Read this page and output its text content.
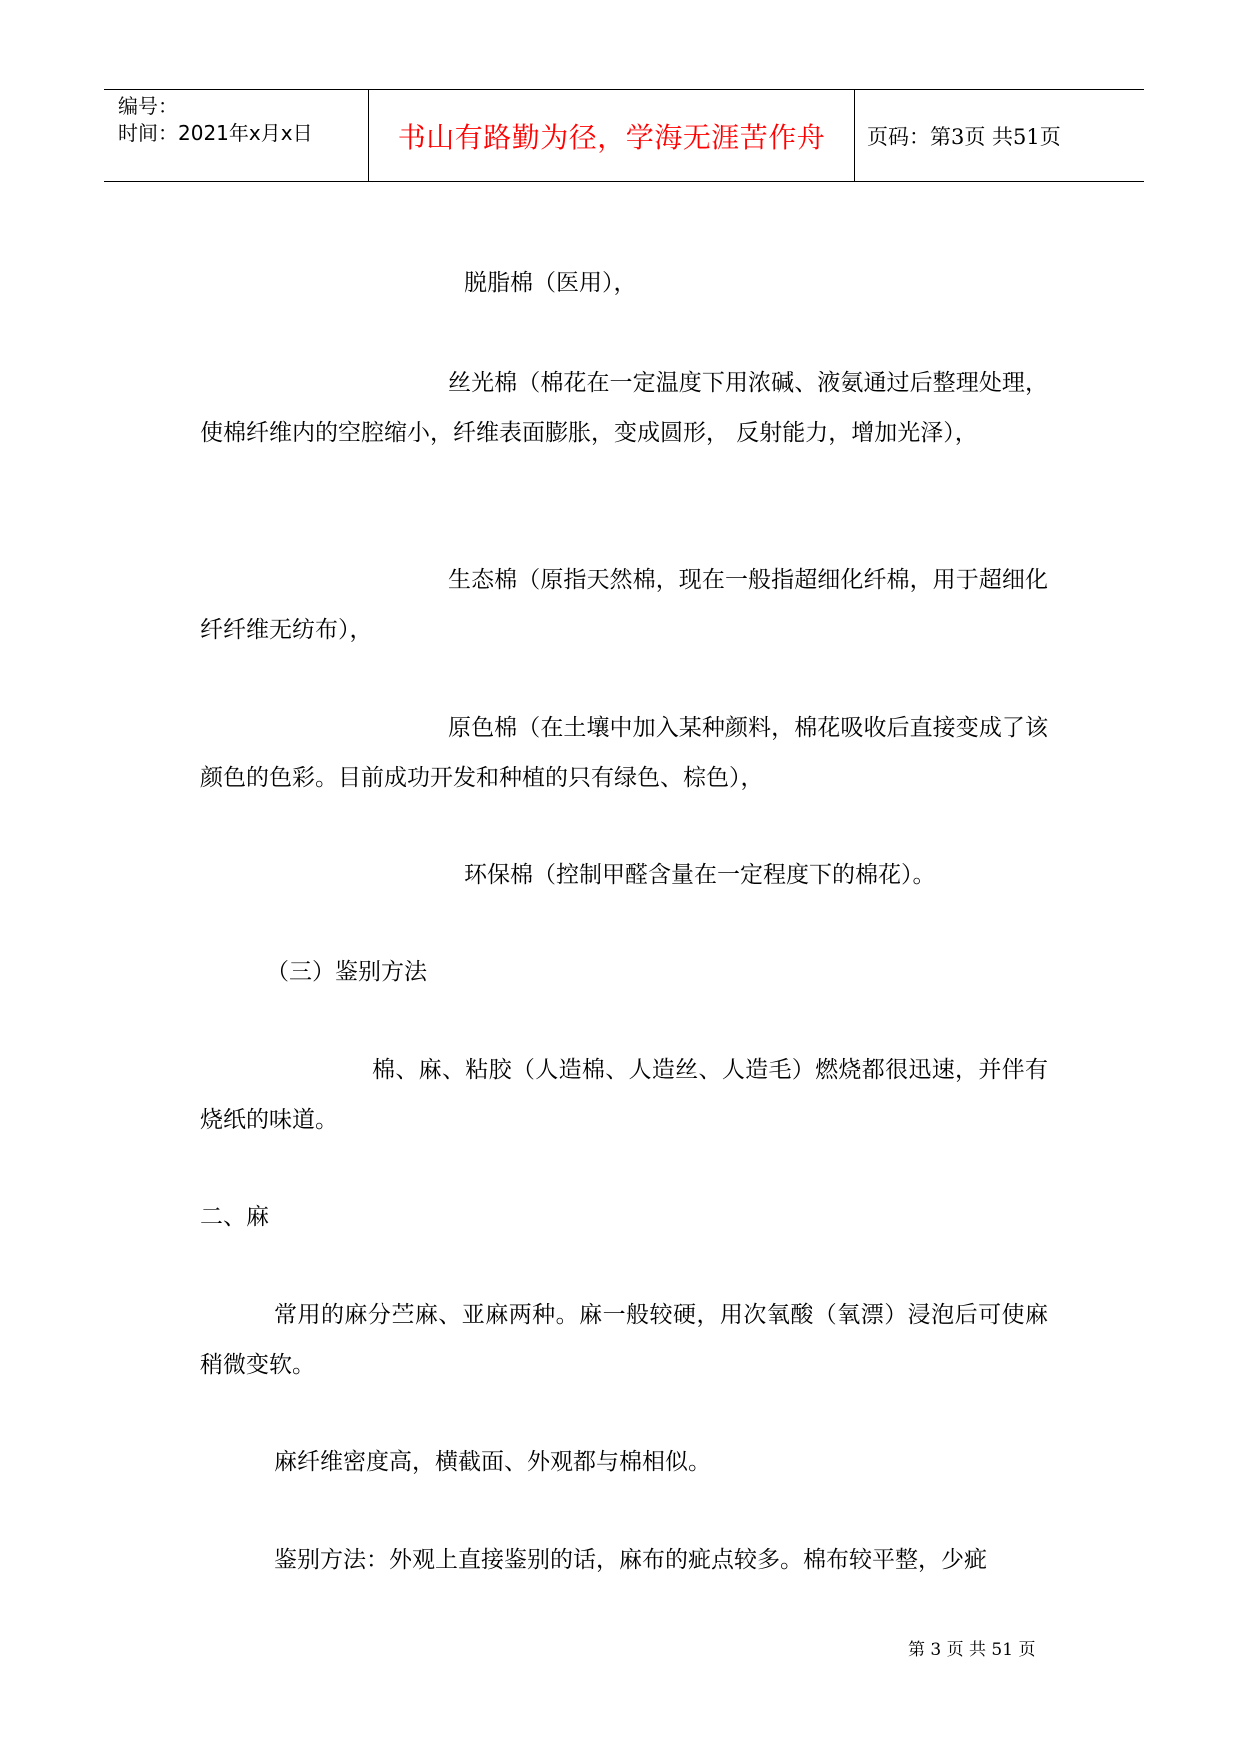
编号：
时间：2021年x月x日	书山有路勤为径，学海无涯苦作舟 页码：第3页 共51页

脱脂棉（医用），

丝光棉（棉花在一定温度下用浓碱、液氨通过后整理处理，使棉纤维内的空腔缩小，纤维表面膨胀，变成圆形， 反射能力，增加光泽），

生态棉（原指天然棉，现在一般指超细化纤棉，用于超细化纤纤维无纺布），

原色棉（在土壤中加入某种颜料，棉花吸收后直接变成了该颜色的色彩。目前成功开发和种植的只有绿色、棕色），

环保棉（控制甲醛含量在一定程度下的棉花）。

（三）鉴别方法

棉、麻、粘胶（人造棉、人造丝、人造毛）燃烧都很迅速，并伴有烧纸的味道。

二、麻

常用的麻分苎麻、亚麻两种。麻一般较硬，用次氧酸（氧漂）浸泡后可使麻稍微变软。

麻纤维密度高，横截面、外观都与棉相似。

鉴别方法：外观上直接鉴别的话，麻布的疵点较多。棉布较平整，少疵

第 3 页 共 51 页
